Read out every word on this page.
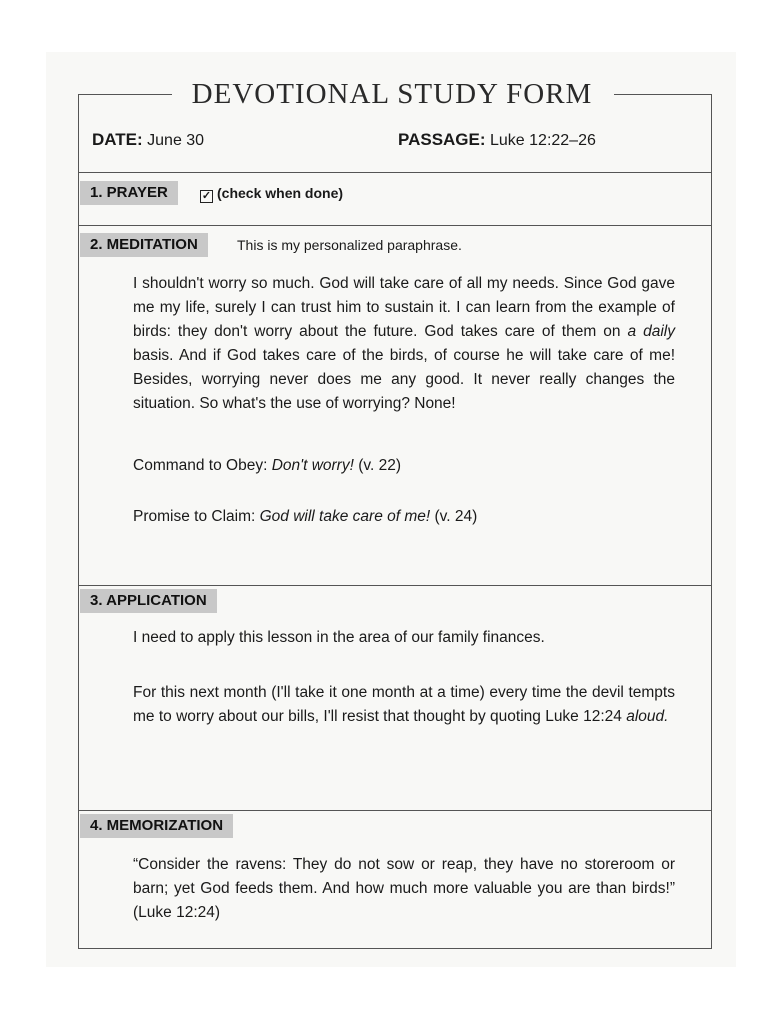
DEVOTIONAL STUDY FORM
DATE: June 30	PASSAGE: Luke 12:22–26
1. PRAYER	✓ (check when done)
2. MEDITATION	This is my personalized paraphrase.
I shouldn't worry so much. God will take care of all my needs. Since God gave me my life, surely I can trust him to sustain it. I can learn from the example of birds: they don't worry about the future. God takes care of them on a daily basis. And if God takes care of the birds, of course he will take care of me! Besides, worrying never does me any good. It never really changes the situation. So what's the use of worrying? None!
Command to Obey: Don't worry! (v. 22)
Promise to Claim: God will take care of me! (v. 24)
3. APPLICATION
I need to apply this lesson in the area of our family finances.
For this next month (I'll take it one month at a time) every time the devil tempts me to worry about our bills, I'll resist that thought by quoting Luke 12:24 aloud.
4. MEMORIZATION
“Consider the ravens: They do not sow or reap, they have no storeroom or barn; yet God feeds them. And how much more valuable you are than birds!” (Luke 12:24)
